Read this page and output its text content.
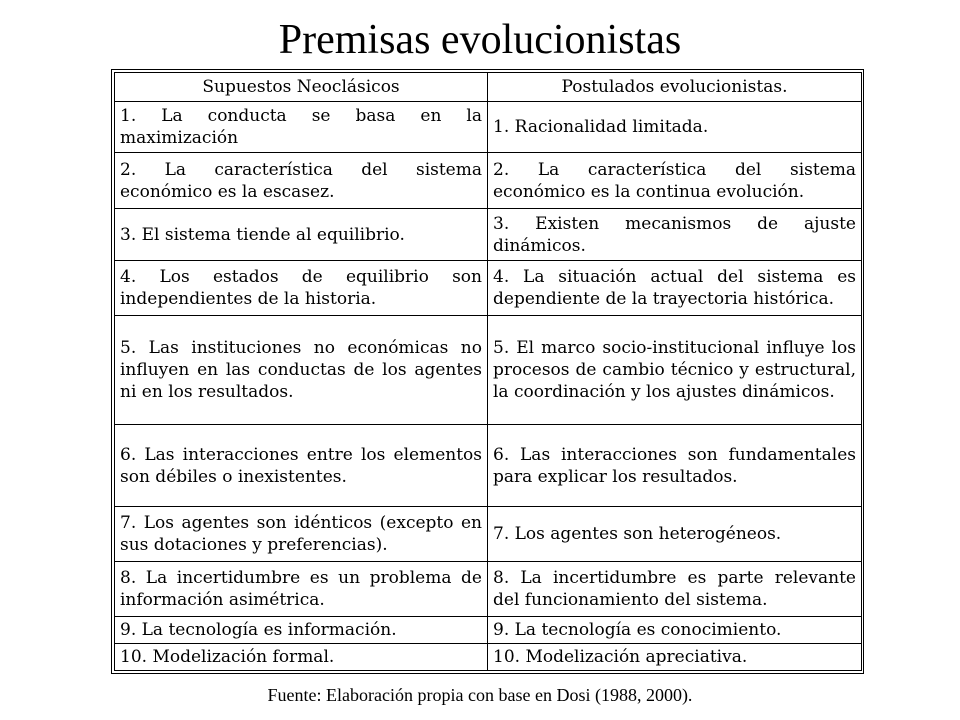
Premisas evolucionistas
Supuestos Neoclásicos	Postulados evolucionistas.
1. La conducta se basa en la maximización	1. Racionalidad limitada.
2. La característica del sistema económico es la escasez.	2. La característica del sistema económico es la continua evolución.
3. El sistema tiende al equilibrio.	3. Existen mecanismos de ajuste dinámicos.
4. Los estados de equilibrio son independientes de la historia.	4. La situación actual del sistema es dependiente de la trayectoria histórica.
5. Las instituciones no económicas no influyen en las conductas de los agentes ni en los resultados.	5. El marco socio-institucional influye los procesos de cambio técnico y estructural, la coordinación y los ajustes dinámicos.
6. Las interacciones entre los elementos son débiles o inexistentes.	6. Las interacciones son fundamentales para explicar los resultados.
7. Los agentes son idénticos (excepto en sus dotaciones y preferencias).	7. Los agentes son heterogéneos.
8. La incertidumbre es un problema de información asimétrica.	8. La incertidumbre es parte relevante del funcionamiento del sistema.
9. La tecnología es información.	9. La tecnología es conocimiento.
10. Modelización formal.	10. Modelización apreciativa.
Fuente: Elaboración propia con base en Dosi (1988, 2000).
